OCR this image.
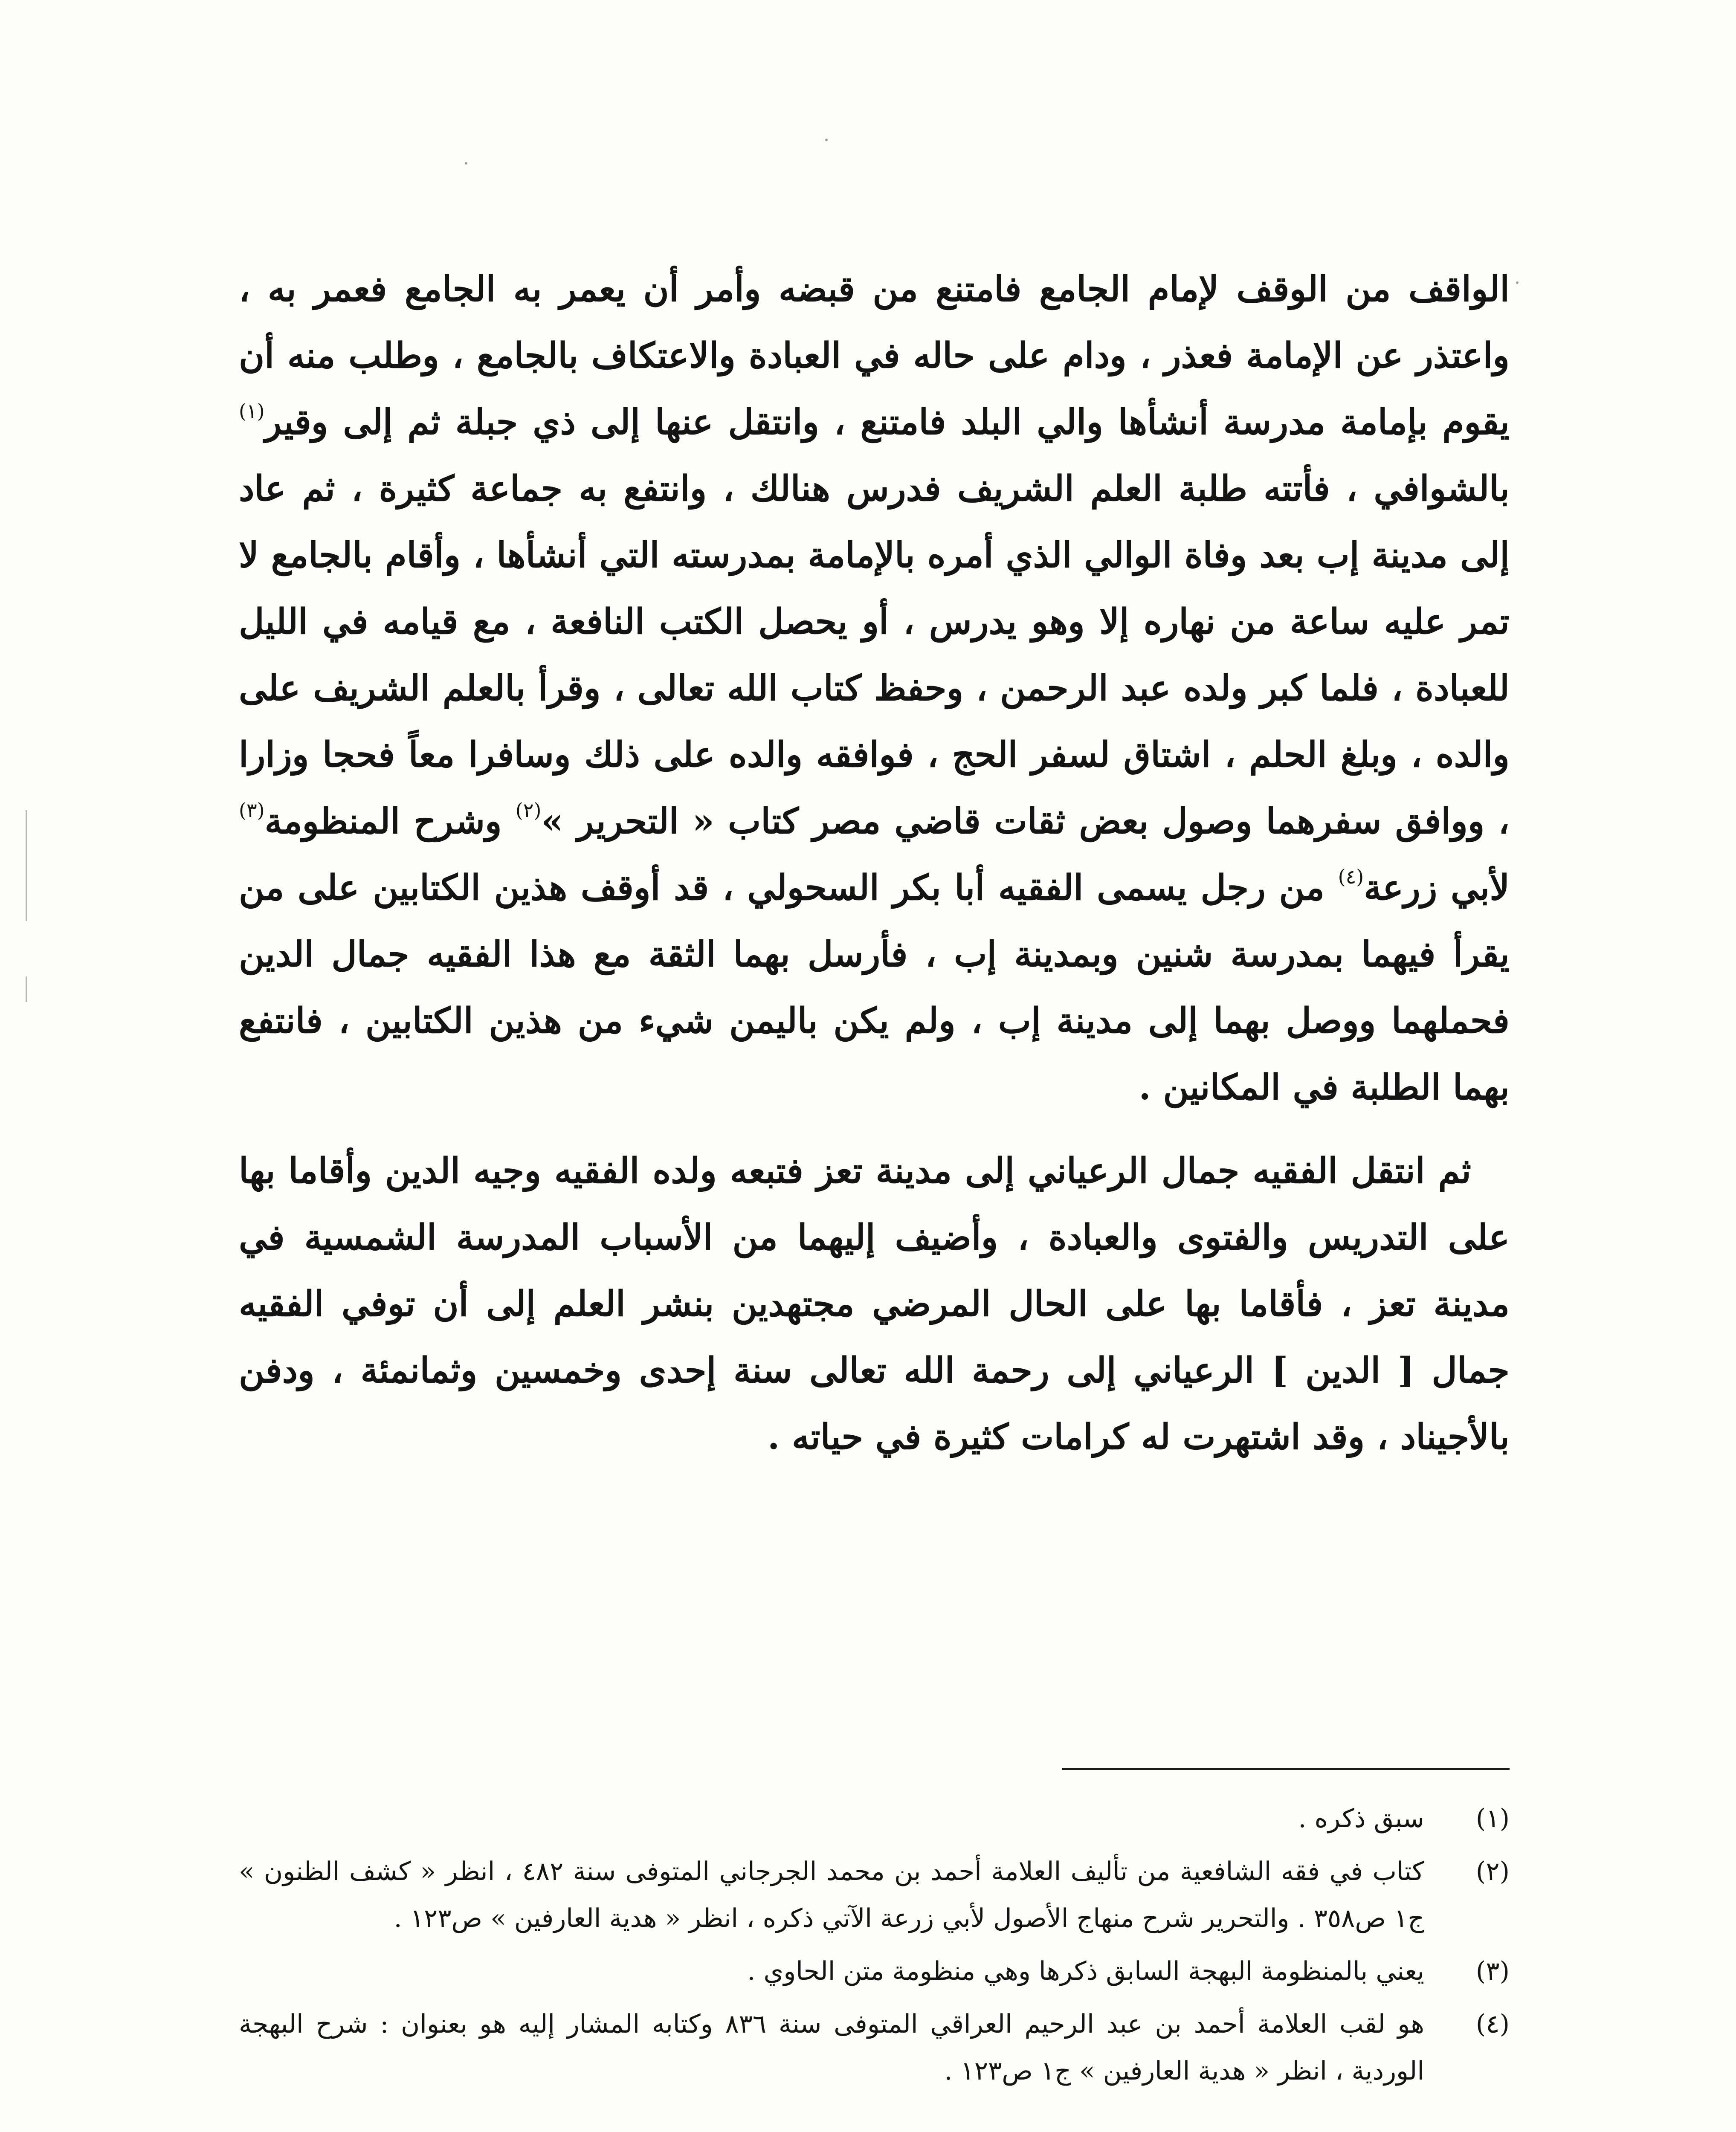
الواقف من الوقف لإمام الجامع فامتنع من قبضه وأمر أن يعمر به الجامع فعمر به ، واعتذر عن الإمامة فعذر ، ودام على حاله في العبادة والاعتكاف بالجامع ، وطلب منه أن يقوم بإمامة مدرسة أنشأها والي البلد فامتنع ، وانتقل عنها إلى ذي جبلة ثم إلى وقير$^{(١)}$ بالشوافي ، فأتته طلبة العلم الشريف فدرس هنالك ، وانتفع به جماعة كثيرة ، ثم عاد إلى مدينة إب بعد وفاة الوالي الذي أمره بالإمامة بمدرسته التي أنشأها ، وأقام بالجامع لا تمر عليه ساعة من نهاره إلا وهو يدرس ، أو يحصل الكتب النافعة ، مع قيامه في الليل للعبادة ، فلما كبر ولده عبد الرحمن ، وحفظ كتاب الله تعالى ، وقرأ بالعلم الشريف على والده ، وبلغ الحلم ، اشتاق لسفر الحج ، فوافقه والده على ذلك وسافرا معاً فحجا وزارا ، ووافق سفرهما وصول بعض ثقات قاضي مصر كتاب « التحرير »$^{(٢)}$ وشرح المنظومة$^{(٣)}$ لأبي زرعة$^{(٤)}$ من رجل يسمى الفقيه أبا بكر السحولي ، قد أوقف هذين الكتابين على من يقرأ فيهما بمدرسة شنين وبمدينة إب ، فأرسل بهما الثقة مع هذا الفقيه جمال الدين فحملهما ووصل بهما إلى مدينة إب ، ولم يكن باليمن شيء من هذين الكتابين ، فانتفع بهما الطلبة في المكانين .

ثم انتقل الفقيه جمال الرعياني إلى مدينة تعز فتبعه ولده الفقيه وجيه الدين وأقاما بها على التدريس والفتوى والعبادة ، وأضيف إليهما من الأسباب المدرسة الشمسية في مدينة تعز ، فأقاما بها على الحال المرضي مجتهدين بنشر العلم إلى أن توفي الفقيه جمال [ الدين ] الرعياني إلى رحمة الله تعالى سنة إحدى وخمسين وثمانمئة ، ودفن بالأجيناد ، وقد اشتهرت له كرامات كثيرة في حياته .

(١)
سبق ذكره .
(٢)
كتاب في فقه الشافعية من تأليف العلامة أحمد بن محمد الجرجاني المتوفى سنة ٤٨٢ ، انظر « كشف الظنون » ج١ ص٣٥٨ . والتحرير شرح منهاج الأصول لأبي زرعة الآتي ذكره ، انظر « هدية العارفين » ص١٢٣ .
(٣)
يعني بالمنظومة البهجة السابق ذكرها وهي منظومة متن الحاوي .
(٤)
هو لقب العلامة أحمد بن عبد الرحيم العراقي المتوفى سنة ٨٣٦ وكتابه المشار إليه هو بعنوان : شرح البهجة الوردية ، انظر « هدية العارفين » ج١ ص١٢٣ .
